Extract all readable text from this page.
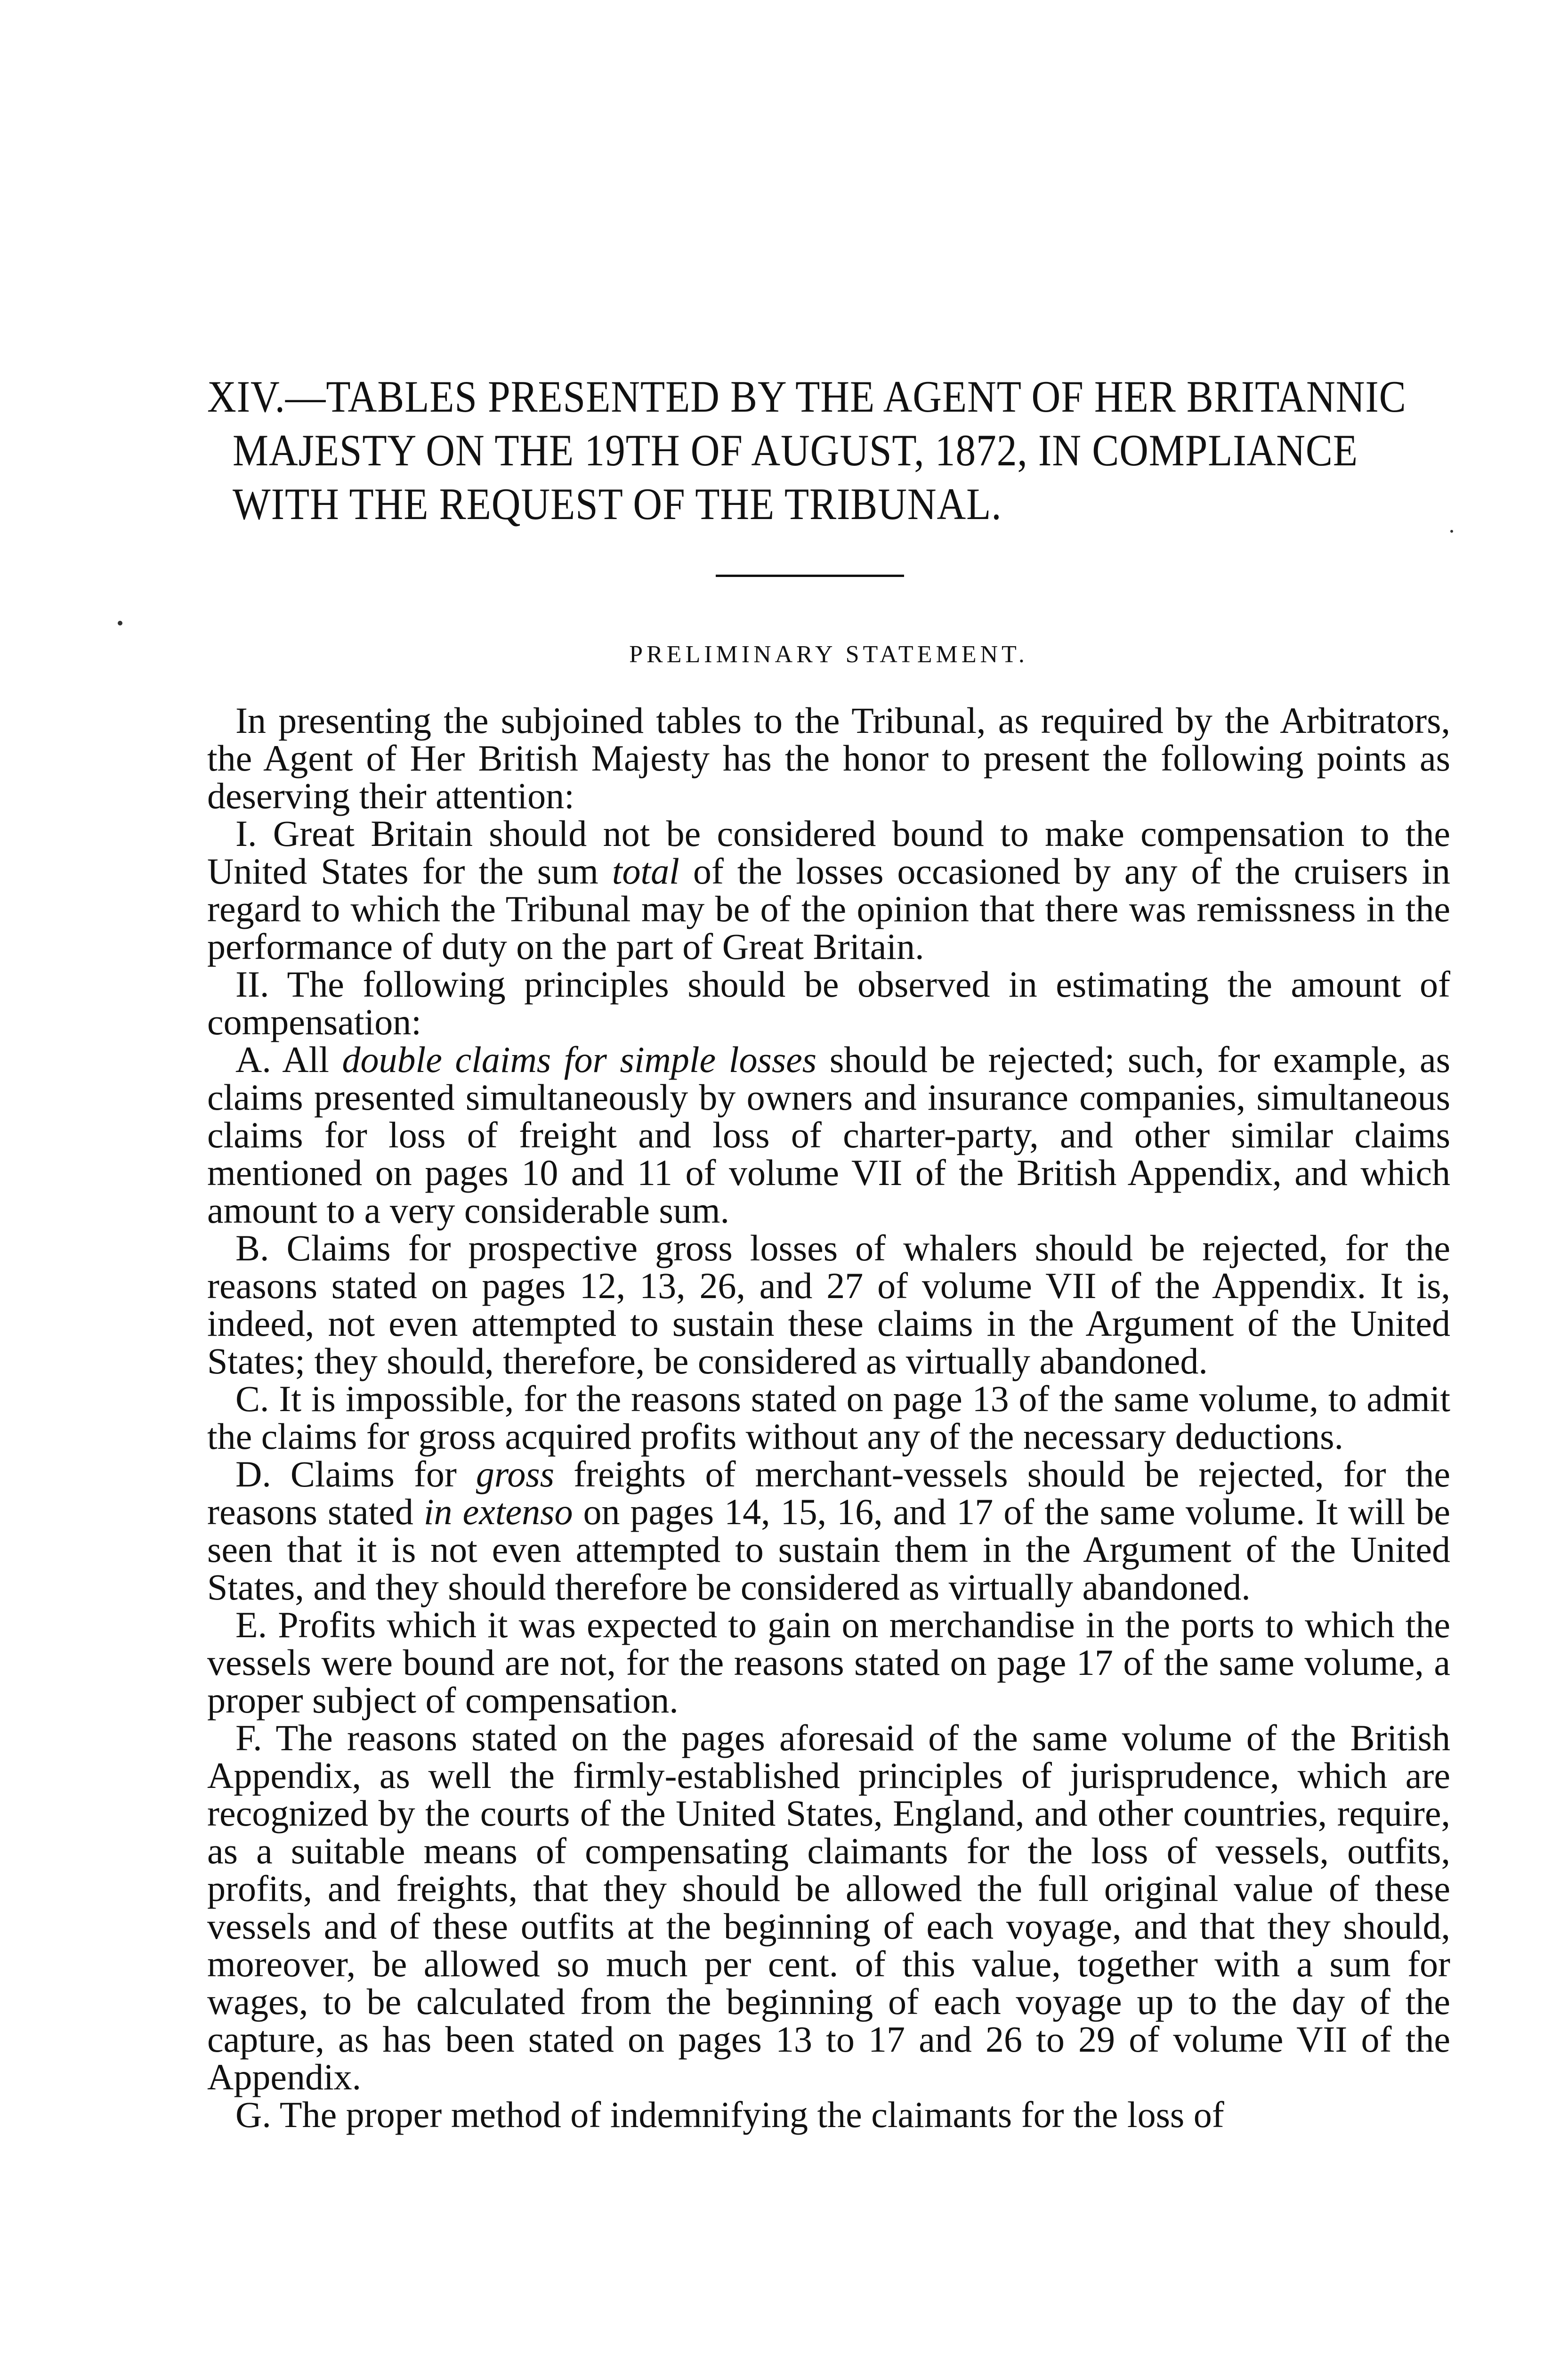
XIV.—TABLES PRESENTED BY THE AGENT OF HER BRITANNIC
MAJESTY ON THE 19TH OF AUGUST, 1872, IN COMPLIANCE
WITH THE REQUEST OF THE TRIBUNAL.
PRELIMINARY STATEMENT.

In presenting the subjoined tables to the Tribunal, as required by the Arbitrators, the Agent of Her British Majesty has the honor to present the following points as deserving their attention:

I. Great Britain should not be considered bound to make compensation to the United States for the sum total of the losses occasioned by any of the cruisers in regard to which the Tribunal may be of the opinion that there was remissness in the performance of duty on the part of Great Britain.

II. The following principles should be observed in estimating the amount of compensation:

A. All double claims for simple losses should be rejected; such, for example, as claims presented simultaneously by owners and insurance companies, simultaneous claims for loss of freight and loss of charter-party, and other similar claims mentioned on pages 10 and 11 of volume VII of the British Appendix, and which amount to a very considerable sum.

B. Claims for prospective gross losses of whalers should be rejected, for the reasons stated on pages 12, 13, 26, and 27 of volume VII of the Appendix. It is, indeed, not even attempted to sustain these claims in the Argument of the United States; they should, therefore, be considered as virtually abandoned.

C. It is impossible, for the reasons stated on page 13 of the same volume, to admit the claims for gross acquired profits without any of the necessary deductions.

D. Claims for gross freights of merchant-vessels should be rejected, for the reasons stated in extenso on pages 14, 15, 16, and 17 of the same volume. It will be seen that it is not even attempted to sustain them in the Argument of the United States, and they should therefore be considered as virtually abandoned.

E. Profits which it was expected to gain on merchandise in the ports to which the vessels were bound are not, for the reasons stated on page 17 of the same volume, a proper subject of compensation.

F. The reasons stated on the pages aforesaid of the same volume of the British Appendix, as well the firmly-established principles of jurisprudence, which are recognized by the courts of the United States, England, and other countries, require, as a suitable means of compensating claimants for the loss of vessels, outfits, profits, and freights, that they should be allowed the full original value of these vessels and of these outfits at the beginning of each voyage, and that they should, moreover, be allowed so much per cent. of this value, together with a sum for wages, to be calculated from the beginning of each voyage up to the day of the capture, as has been stated on pages 13 to 17 and 26 to 29 of volume VII of the Appendix.

G. The proper method of indemnifying the claimants for the loss of
